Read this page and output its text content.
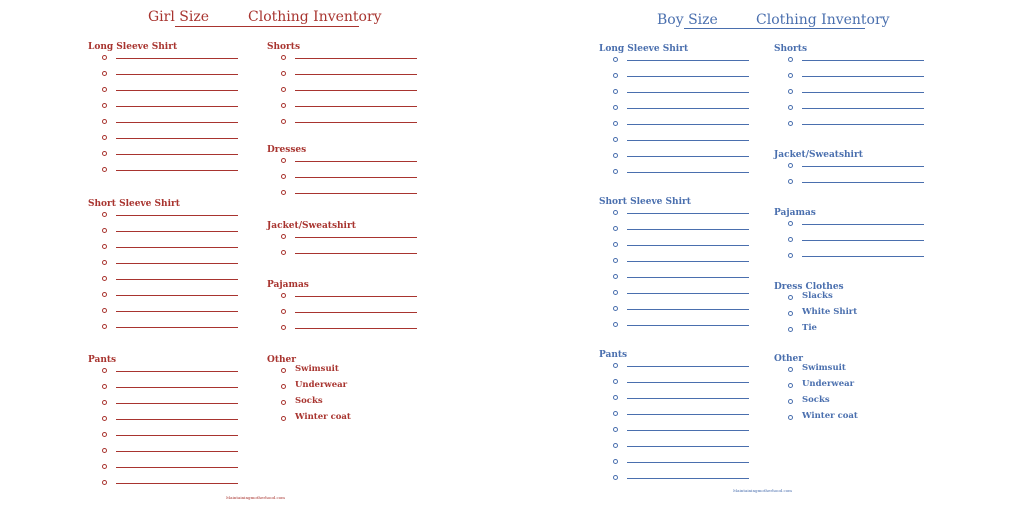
Girl Size	Clothing Inventory
Long Sleeve Shirt
Short Sleeve Shirt
Pants
Shorts
Dresses
Jacket/Sweatshirt
Pajamas
Other
Swimsuit
Underwear
Socks
Winter coat
Maintainingmotherhood.com
Boy Size	Clothing Inventory
Long Sleeve Shirt
Short Sleeve Shirt
Pants
Shorts
Jacket/Sweatshirt
Pajamas
Dress Clothes
Slacks
White Shirt
Tie
Other
Swimsuit
Underwear
Socks
Winter coat
Maintainingmotherhood.com
